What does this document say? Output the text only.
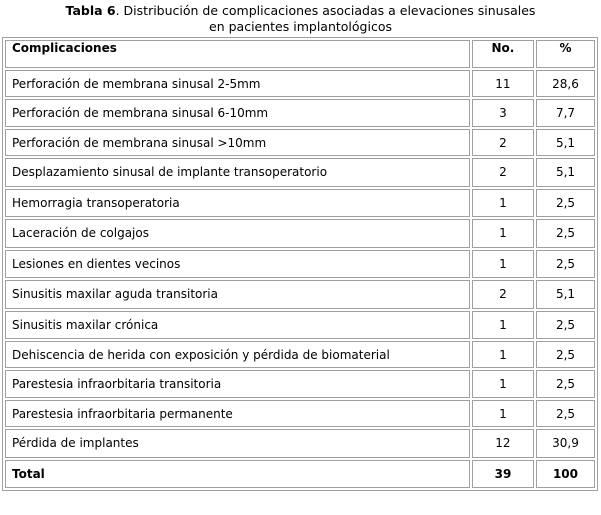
Tabla 6. Distribución de complicaciones asociadas a elevaciones sinusales
en pacientes implantológicos
Complicaciones	No.	%
Perforación de membrana sinusal 2-5mm	11	28,6
Perforación de membrana sinusal 6-10mm	3	7,7
Perforación de membrana sinusal >10mm	2	5,1
Desplazamiento sinusal de implante transoperatorio	2	5,1
Hemorragia transoperatoria	1	2,5
Laceración de colgajos	1	2,5
Lesiones en dientes vecinos	1	2,5
Sinusitis maxilar aguda transitoria	2	5,1
Sinusitis maxilar crónica	1	2,5
Dehiscencia de herida con exposición y pérdida de biomaterial	1	2,5
Parestesia infraorbitaria transitoria	1	2,5
Parestesia infraorbitaria permanente	1	2,5
Pérdida de implantes	12	30,9
Total	39	100
